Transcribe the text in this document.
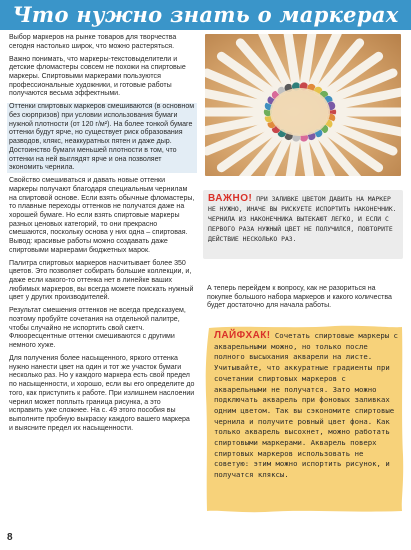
Что нужно знать о маркерах

Выбор маркеров на рынке товаров для творчества сегодня настолько широк, что можно растеряться.

Важно понимать, что маркеры-текстовыделители и детские фломастеры совсем не похожи на спиртовые маркеры. Спиртовыми маркерами пользуются профессиональные художники, и готовые работы получаются весьма эффектными.

Оттенки спиртовых маркеров смешиваются (в основном без сюрпризов) при условии использования бумаги нужной плотности (от 120 г/м²). На более тонкой бумаге оттенки будут ярче, но существует риск образования разводов, клякс, неаккуратных пятен и даже дыр. Достоинство бумаги меньшей плотности в том, что оттенки на ней выглядят ярче и она позволяет экономить чернила.

Свойство смешиваться и давать новые оттенки маркеры получают благодаря специальным чернилам на спиртовой основе. Если взять обычные фломастеры, то плавные переходы оттенков не получатся даже на хорошей бумаге. Но если взять спиртовые маркеры разных ценовых категорий, то они прекрасно смешаются, поскольку основа у них одна – спиртовая. Вывод: красивые работы можно создавать даже спиртовыми маркерами бюджетных марок.

Палитра спиртовых маркеров насчитывает более 350 цветов. Это позволяет собирать большие коллекции, и, даже если какого-то оттенка нет в линейке ваших любимых маркеров, вы всегда можете поискать нужный цвет у других производителей.

Результат смешения оттенков не всегда предсказуем, поэтому пробуйте сочетания на отдельной палитре, чтобы случайно не испортить свой скетч. Флюоресцентные оттенки смешиваются с другими немного хуже.

Для получения более насыщенного, яркого оттенка нужно нанести цвет на один и тот же участок бумаги несколько раз. Но у каждого маркера есть свой предел по насыщенности, и хорошо, если вы его определите до того, как приступить к работе. При излишнем наслоении чернил может поплыть граница рисунка, а это исправить уже сложнее. На с. 49 этого пособия вы выполните пробную выкраску каждого вашего маркера и выясните предел их насыщенности.

ВАЖНО! ПРИ ЗАЛИВКЕ ЦВЕТОМ ДАВИТЬ НА МАРКЕР НЕ НУЖНО, ИНАЧЕ ВЫ РИСКУЕТЕ ИСПОРТИТЬ НАКОНЕЧНИК. ЧЕРНИЛА ИЗ НАКОНЕЧНИКА ВЫТЕКАЮТ ЛЕГКО, И ЕСЛИ С ПЕРВОГО РАЗА НУЖНЫЙ ЦВЕТ НЕ ПОЛУЧИЛСЯ, ПОВТОРИТЕ ДЕЙСТВИЕ НЕСКОЛЬКО РАЗ.

А теперь перейдем к вопросу, как не разориться на покупке большого набора маркеров и какого количества будет достаточно для начала работы.

ЛАЙФХАК! Сочетать спиртовые маркеры с акварельными можно, но только после полного высыхания акварели на листе. Учитывайте, что аккуратные градиенты при сочетании спиртовых маркеров с акварельными не получатся. Зато можно подключать акварель при фоновых заливках одним цветом. Так вы сэкономите спиртовые чернила и получите ровный цвет фона. Как только акварель высохнет, можно работать спиртовыми маркерами. Акварель поверх спиртовых маркеров использовать не советую: этим можно испортить рисунок, и получатся кляксы.
8
